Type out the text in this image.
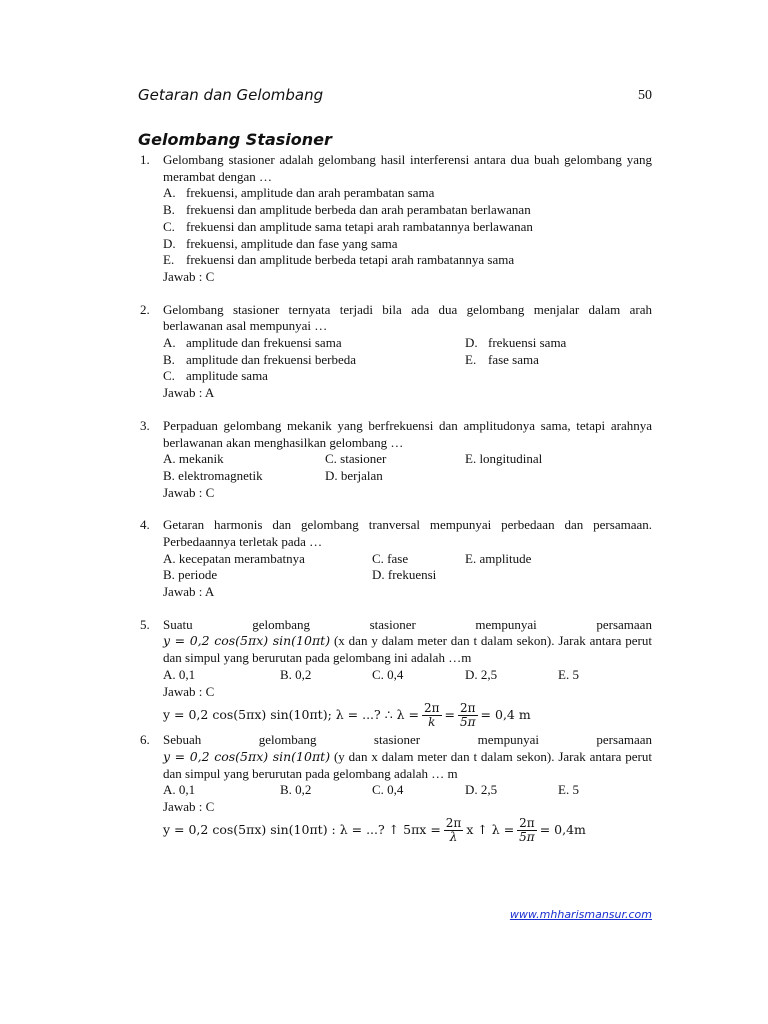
Getaran dan Gelombang	50
Gelombang Stasioner
1. Gelombang stasioner adalah gelombang hasil interferensi antara dua buah gelombang yang merambat dengan …
A. frekuensi, amplitude dan arah perambatan sama
B. frekuensi dan amplitude berbeda dan arah perambatan berlawanan
C. frekuensi dan amplitude sama tetapi arah rambatannya berlawanan
D. frekuensi, amplitude dan fase yang sama
E. frekuensi dan amplitude berbeda tetapi arah rambatannya sama
Jawab : C
2. Gelombang stasioner ternyata terjadi bila ada dua gelombang menjalar dalam arah berlawanan asal mempunyai …
A. amplitude dan frekuensi sama	D. frekuensi sama
B. amplitude dan frekuensi berbeda	E. fase sama
C. amplitude sama
Jawab : A
3. Perpaduan gelombang mekanik yang berfrekuensi dan amplitudonya sama, tetapi arahnya berlawanan akan menghasilkan gelombang …
A. mekanik	C. stasioner	E. longitudinal
B. elektromagnetik	D. berjalan
Jawab : C
4. Getaran harmonis dan gelombang tranversal mempunyai perbedaan dan persamaan. Perbedaannya terletak pada …
A. kecepatan merambatnya	C. fase	E. amplitude
B. periode	D. frekuensi
Jawab : A
5. Suatu	gelombang	stasioner	mempunyai	persamaan
y = 0,2 cos(5πx) sin(10πt) (x dan y dalam meter dan t dalam sekon). Jarak antara perut dan simpul yang berurutan pada gelombang ini adalah …m
A. 0,1	B. 0,2	C. 0,4	D. 2,5	E. 5
Jawab : C
y = 0,2 cos(5πx) sin(10πt); λ = ...? ∴ $\lambda = \frac{2\pi}{k} = \frac{2\pi}{5\pi} = 0,4$ m
6. Sebuah	gelombang	stasioner	mempunyai	persamaan
y = 0,2 cos(5πx) sin(10πt) (y dan x dalam meter dan t dalam sekon). Jarak antara perut dan simpul yang berurutan pada gelombang adalah … m
A. 0,1	B. 0,2	C. 0,4	D. 2,5	E. 5
Jawab : C
y = 0,2 cos(5πx) sin(10πt) : λ = ...? ↑ $5\pi x = \frac{2\pi}{\lambda}$ x ↑ $\lambda = \frac{2\pi}{5\pi} = 0,4m$
www.mhharismansur.com
